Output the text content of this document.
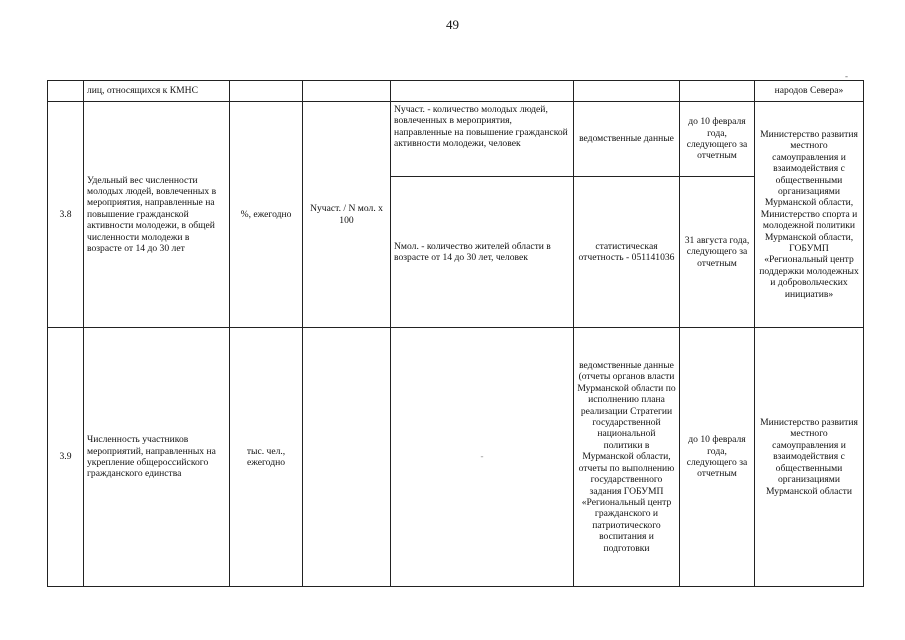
49
-
	лиц, относящихся к КМНС						народов Севера»
3.8	Удельный вес численности молодых людей, вовлеченных в мероприятия, направленные на повышение гражданской активности молодежи, в общей численности молодежи в возрасте от 14 до 30 лет	%, ежегодно	Nучаст. / N мол. x 100	Nучаст. - количество молодых людей, вовлеченных в мероприятия, направленные на повышение гражданской активности молодежи, человек	ведомственные данные	до 10 февраля года, следующего за отчетным	Министерство развития местного самоуправления и взаимодействия с общественными организациями Мурманской области, Министерство спорта и молодежной политики Мурманской области, ГОБУМП «Региональный центр поддержки молодежных и добровольческих инициатив»
				Nмол. - количество жителей области в возрасте от 14 до 30 лет, человек	статистическая отчетность - 051141036	31 августа года, следующего за отчетным	
3.9	Численность участников мероприятий, направленных на укрепление общероссийского гражданского единства	тыс. чел., ежегодно		-	ведомственные данные (отчеты органов власти Мурманской области по исполнению плана реализации Стратегии государственной национальной политики в Мурманской области, отчеты по выполнению государственного задания ГОБУМП «Региональный центр гражданского и патриотического воспитания и подготовки	до 10 февраля года, следующего за отчетным	Министерство развития местного самоуправления и взаимодействия с общественными организациями Мурманской области
